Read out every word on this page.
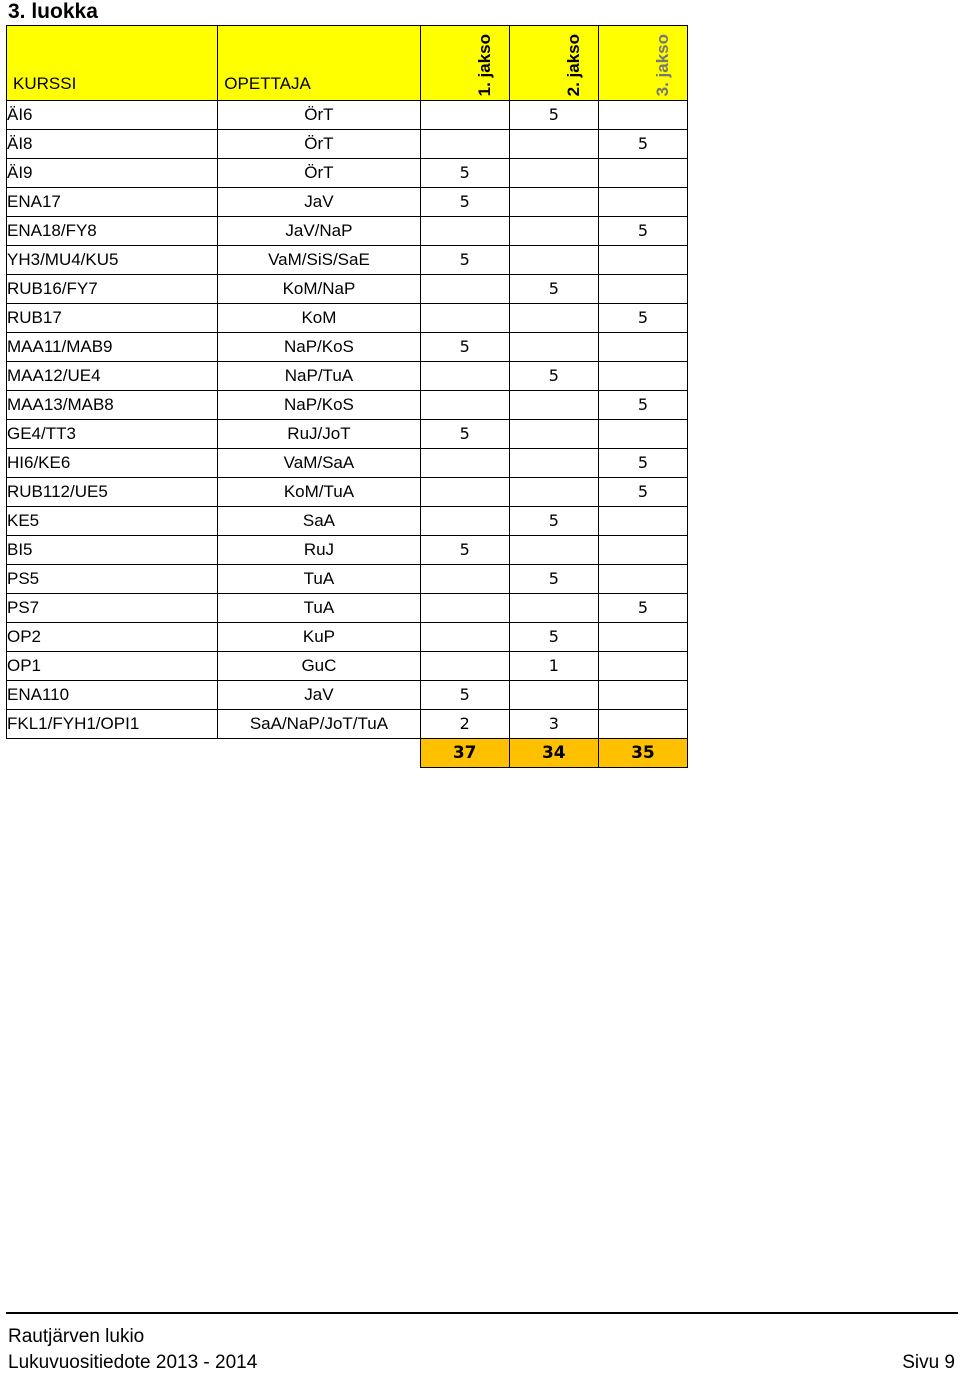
3. luokka
KURSSI	OPETTAJA	1. jakso	2. jakso	3. jakso

ÄI6	ÖrT		5	
ÄI8	ÖrT			5
ÄI9	ÖrT	5		
ENA17	JaV	5		
ENA18/FY8	JaV/NaP			5
YH3/MU4/KU5	VaM/SiS/SaE	5		
RUB16/FY7	KoM/NaP		5	
RUB17	KoM			5
MAA11/MAB9	NaP/KoS	5		
MAA12/UE4	NaP/TuA		5	
MAA13/MAB8	NaP/KoS			5
GE4/TT3	RuJ/JoT	5		
HI6/KE6	VaM/SaA			5
RUB112/UE5	KoM/TuA			5
KE5	SaA		5	
BI5	RuJ	5		
PS5	TuA		5	
PS7	TuA			5
OP2	KuP		5	
OP1	GuC		1	
ENA110	JaV	5		
FKL1/FYH1/OPI1	SaA/NaP/JoT/TuA	2	3	
		37	34	35
Rautjärven lukio
Lukuvuositiedote 2013 - 2014	Sivu 9
